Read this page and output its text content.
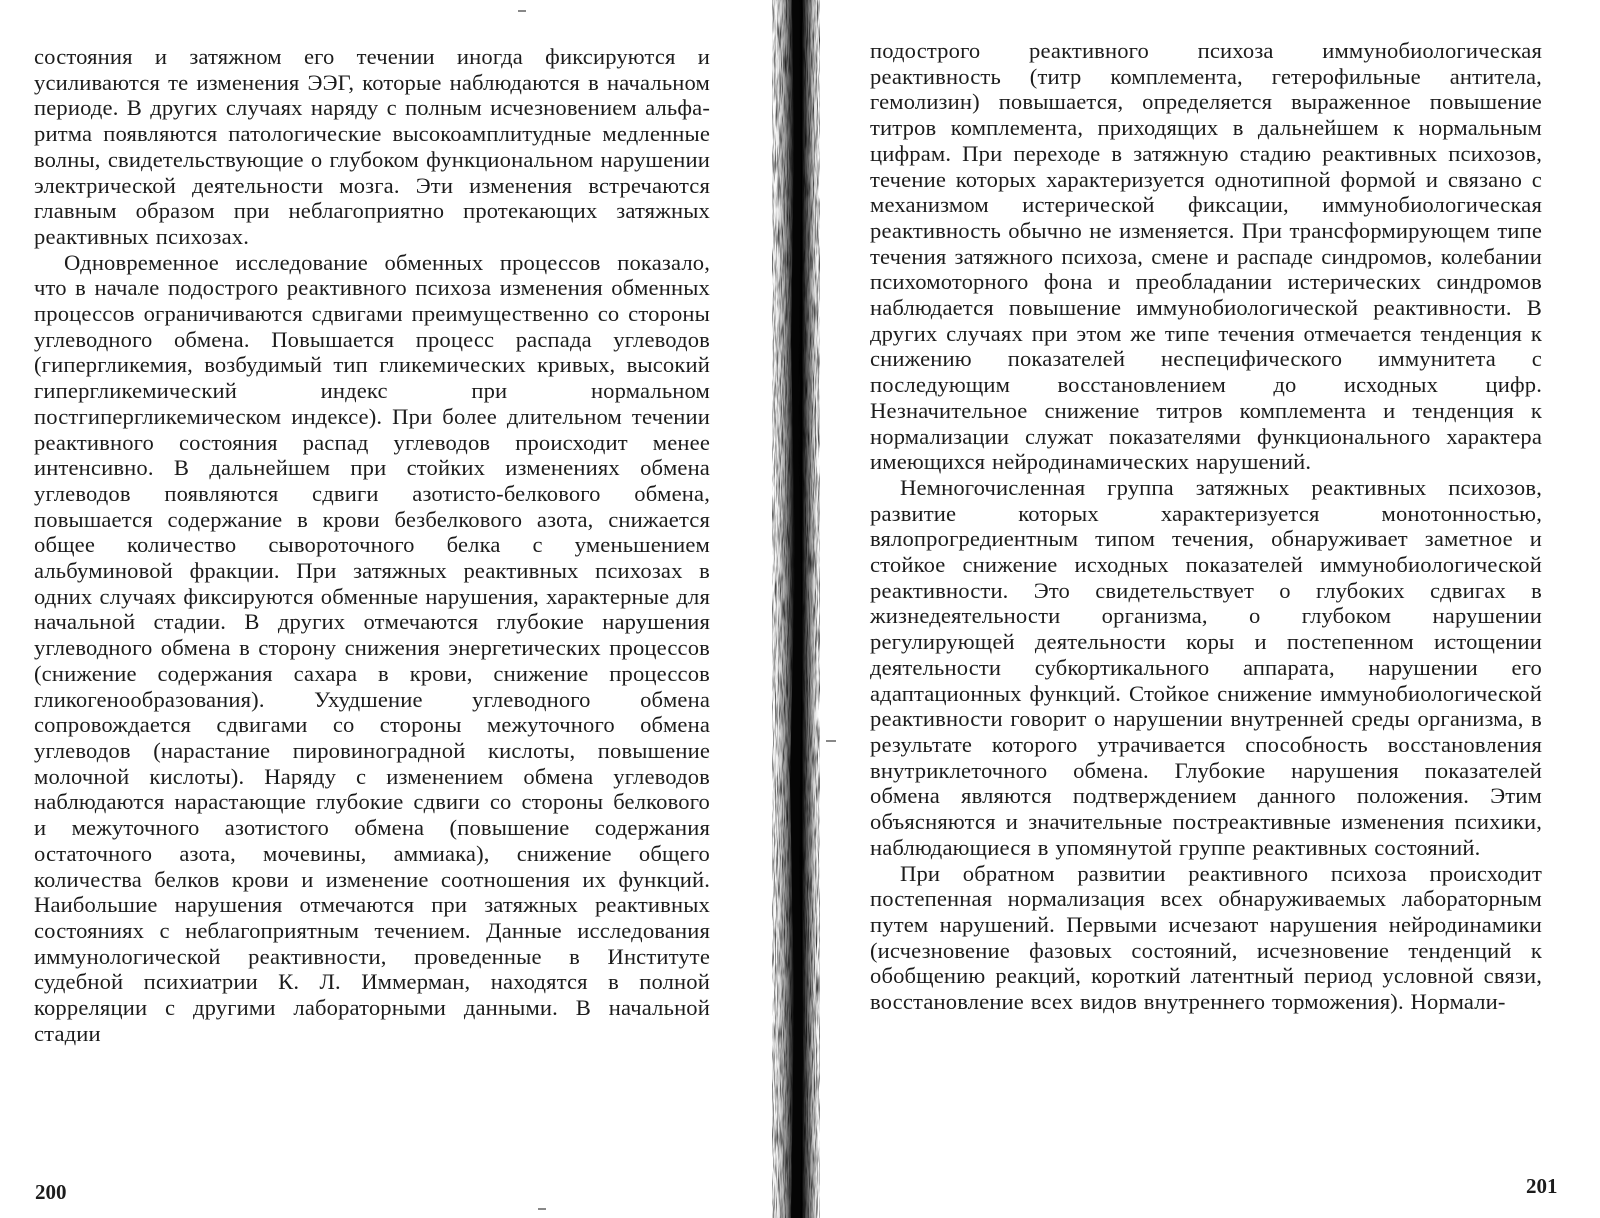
состояния и затяжном его течении иногда фиксируются и усиливаются те изменения ЭЭГ, которые наблюдаются в начальном периоде. В других случаях наряду с полным исчезновением альфа-ритма появляются патологические высокоамплитудные медленные волны, свидетельствующие о глубоком функциональном нарушении электрической деятельности мозга. Эти изменения встречаются главным образом при неблагоприятно протекающих затяжных реактивных психозах.

Одновременное исследование обменных процессов показало, что в начале подострого реактивного психоза изменения обменных процессов ограничиваются сдвигами преимущественно со стороны углеводного обмена. Повышается процесс распада углеводов (гипергликемия, возбудимый тип гликемических кривых, высокий гипергликемический индекс при нормальном постгипергликемическом индексе). При более длительном течении реактивного состояния распад углеводов происходит менее интенсивно. В дальнейшем при стойких изменениях обмена углеводов появляются сдвиги азотисто-белкового обмена, повышается содержание в крови безбелкового азота, снижается общее количество сывороточного белка с уменьшением альбуминовой фракции. При затяжных реактивных психозах в одних случаях фиксируются обменные нарушения, характерные для начальной стадии. В других отмечаются глубокие нарушения углеводного обмена в сторону снижения энергетических процессов (снижение содержания сахара в крови, снижение процессов гликогенообразования). Ухудшение углеводного обмена сопровождается сдвигами со стороны межуточного обмена углеводов (нарастание пировиноградной кислоты, повышение молочной кислоты). Наряду с изменением обмена углеводов наблюдаются нарастающие глубокие сдвиги со стороны белкового и межуточного азотистого обмена (повышение содержания остаточного азота, мочевины, аммиака), снижение общего количества белков крови и изменение соотношения их функций. Наибольшие нарушения отмечаются при затяжных реактивных состояниях с неблагоприятным течением. Данные исследования иммунологической реактивности, проведенные в Институте судебной психиатрии К. Л. Иммерман, находятся в полной корреляции с другими лабораторными данными. В начальной стадии

200

подострого реактивного психоза иммунобиологическая реактивность (титр комплемента, гетерофильные антитела, гемолизин) повышается, определяется выраженное повышение титров комплемента, приходящих в дальнейшем к нормальным цифрам. При переходе в затяжную стадию реактивных психозов, течение которых характеризуется однотипной формой и связано с механизмом истерической фиксации, иммунобиологическая реактивность обычно не изменяется. При трансформирующем типе течения затяжного психоза, смене и распаде синдромов, колебании психомоторного фона и преобладании истерических синдромов наблюдается повышение иммунобиологической реактивности. В других случаях при этом же типе течения отмечается тенденция к снижению показателей неспецифического иммунитета с последующим восстановлением до исходных цифр. Незначительное снижение титров комплемента и тенденция к нормализации служат показателями функционального характера имеющихся нейродинамических нарушений.

Немногочисленная группа затяжных реактивных психозов, развитие которых характеризуется монотонностью, вялопрогредиентным типом течения, обнаруживает заметное и стойкое снижение исходных показателей иммунобиологической реактивности. Это свидетельствует о глубоких сдвигах в жизнедеятельности организма, о глубоком нарушении регулирующей деятельности коры и постепенном истощении деятельности субкортикального аппарата, нарушении его адаптационных функций. Стойкое снижение иммунобиологической реактивности говорит о нарушении внутренней среды организма, в результате которого утрачивается способность восстановления внутриклеточного обмена. Глубокие нарушения показателей обмена являются подтверждением данного положения. Этим объясняются и значительные постреактивные изменения психики, наблюдающиеся в упомянутой группе реактивных состояний.

При обратном развитии реактивного психоза происходит постепенная нормализация всех обнаруживаемых лабораторным путем нарушений. Первыми исчезают нарушения нейродинамики (исчезновение фазовых состояний, исчезновение тенденций к обобщению реакций, короткий латентный период условной связи, восстановление всех видов внутреннего торможения). Нормали-

201
